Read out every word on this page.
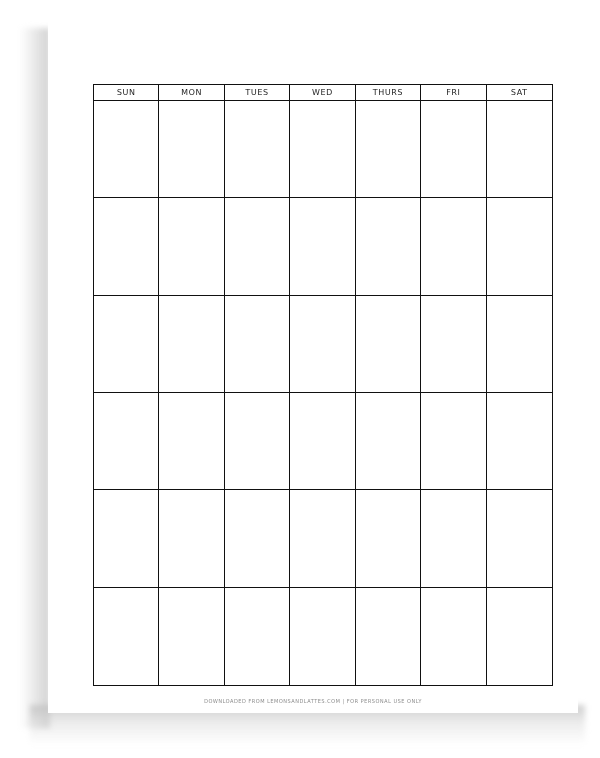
SUN	MON	TUES	WED	THURS	FRI	SAT
DOWNLOADED FROM LEMONSANDLATTES.COM | FOR PERSONAL USE ONLY
